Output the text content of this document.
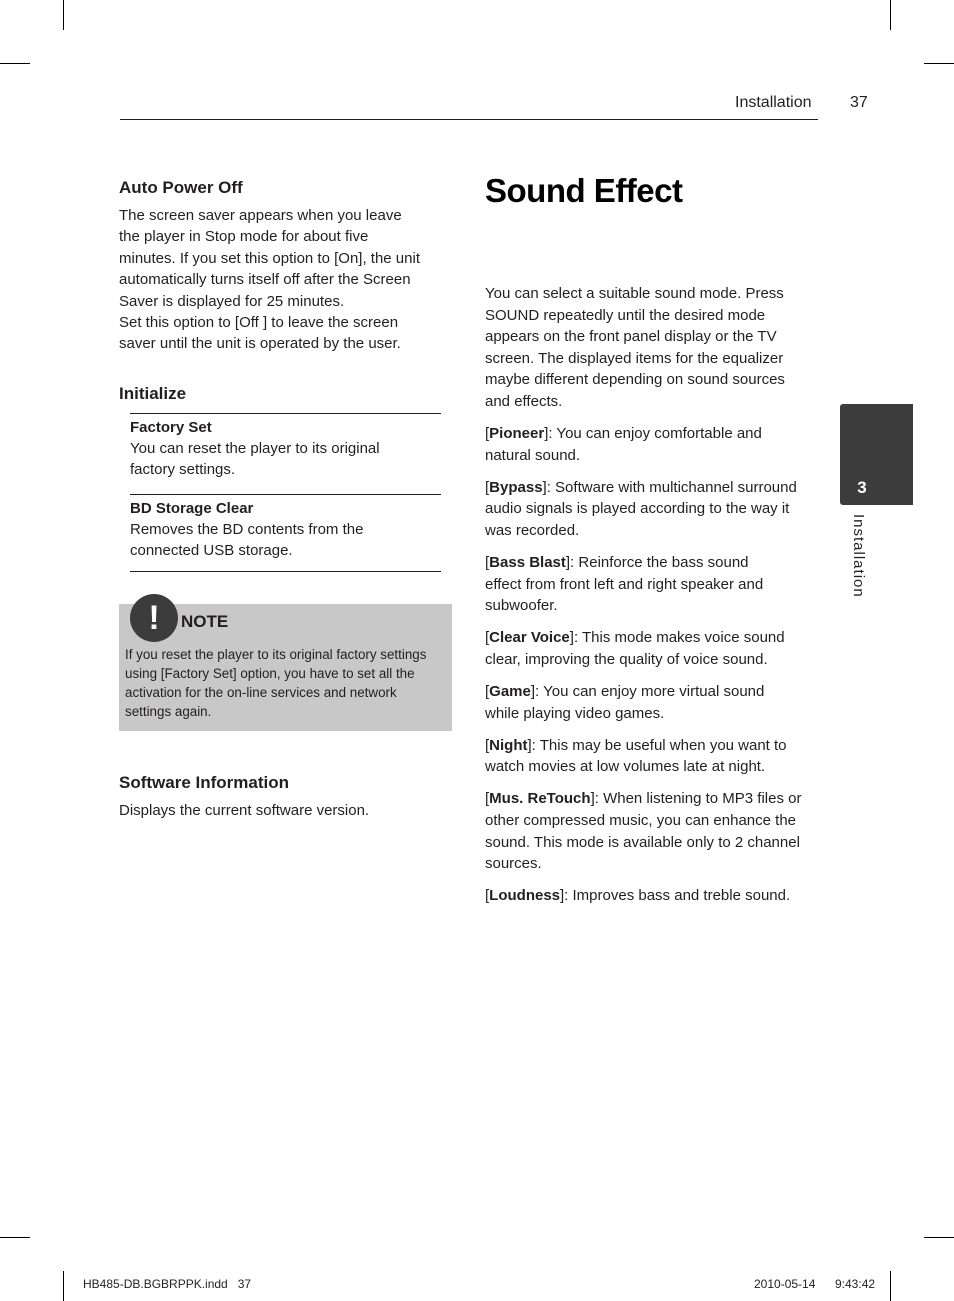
Installation 37
Auto Power Off

The screen saver appears when you leave

the player in Stop mode for about five

minutes. If you set this option to [On], the unit

automatically turns itself off after the Screen

Saver is displayed for 25 minutes.

Set this option to [Off ] to leave the screen

saver until the unit is operated by the user.

Initialize
Factory Set

You can reset the player to its original

factory settings.

BD Storage Clear

Removes the BD contents from the

connected USB storage.

!	NOTE
If you reset the player to its original factory settings
using [Factory Set] option, you have to set all the
activation for the on-line services and network
settings again.
Software Information
Displays the current software version.
Sound Effect

You can select a suitable sound mode. Press
SOUND repeatedly until the desired mode
appears on the front panel display or the TV
screen. The displayed items for the equalizer
maybe different depending on sound sources
and effects.

[Pioneer]: You can enjoy comfortable and
natural sound.

[Bypass]: Software with multichannel surround
audio signals is played according to the way it
was recorded.

[Bass Blast]: Reinforce the bass sound
effect from front left and right speaker and
subwoofer.

[Clear Voice]: This mode makes voice sound
clear, improving the quality of voice sound.

[Game]: You can enjoy more virtual sound
while playing video games.

[Night]: This may be useful when you want to
watch movies at low volumes late at night.

[Mus. ReTouch]: When listening to MP3 files or
other compressed music, you can enhance the
sound. This mode is available only to 2 channel
sources.

[Loudness]: Improves bass and treble sound.

3
Installation
HB485-DB.BGBRPPK.indd   37	2010-05-14 9:43:42
